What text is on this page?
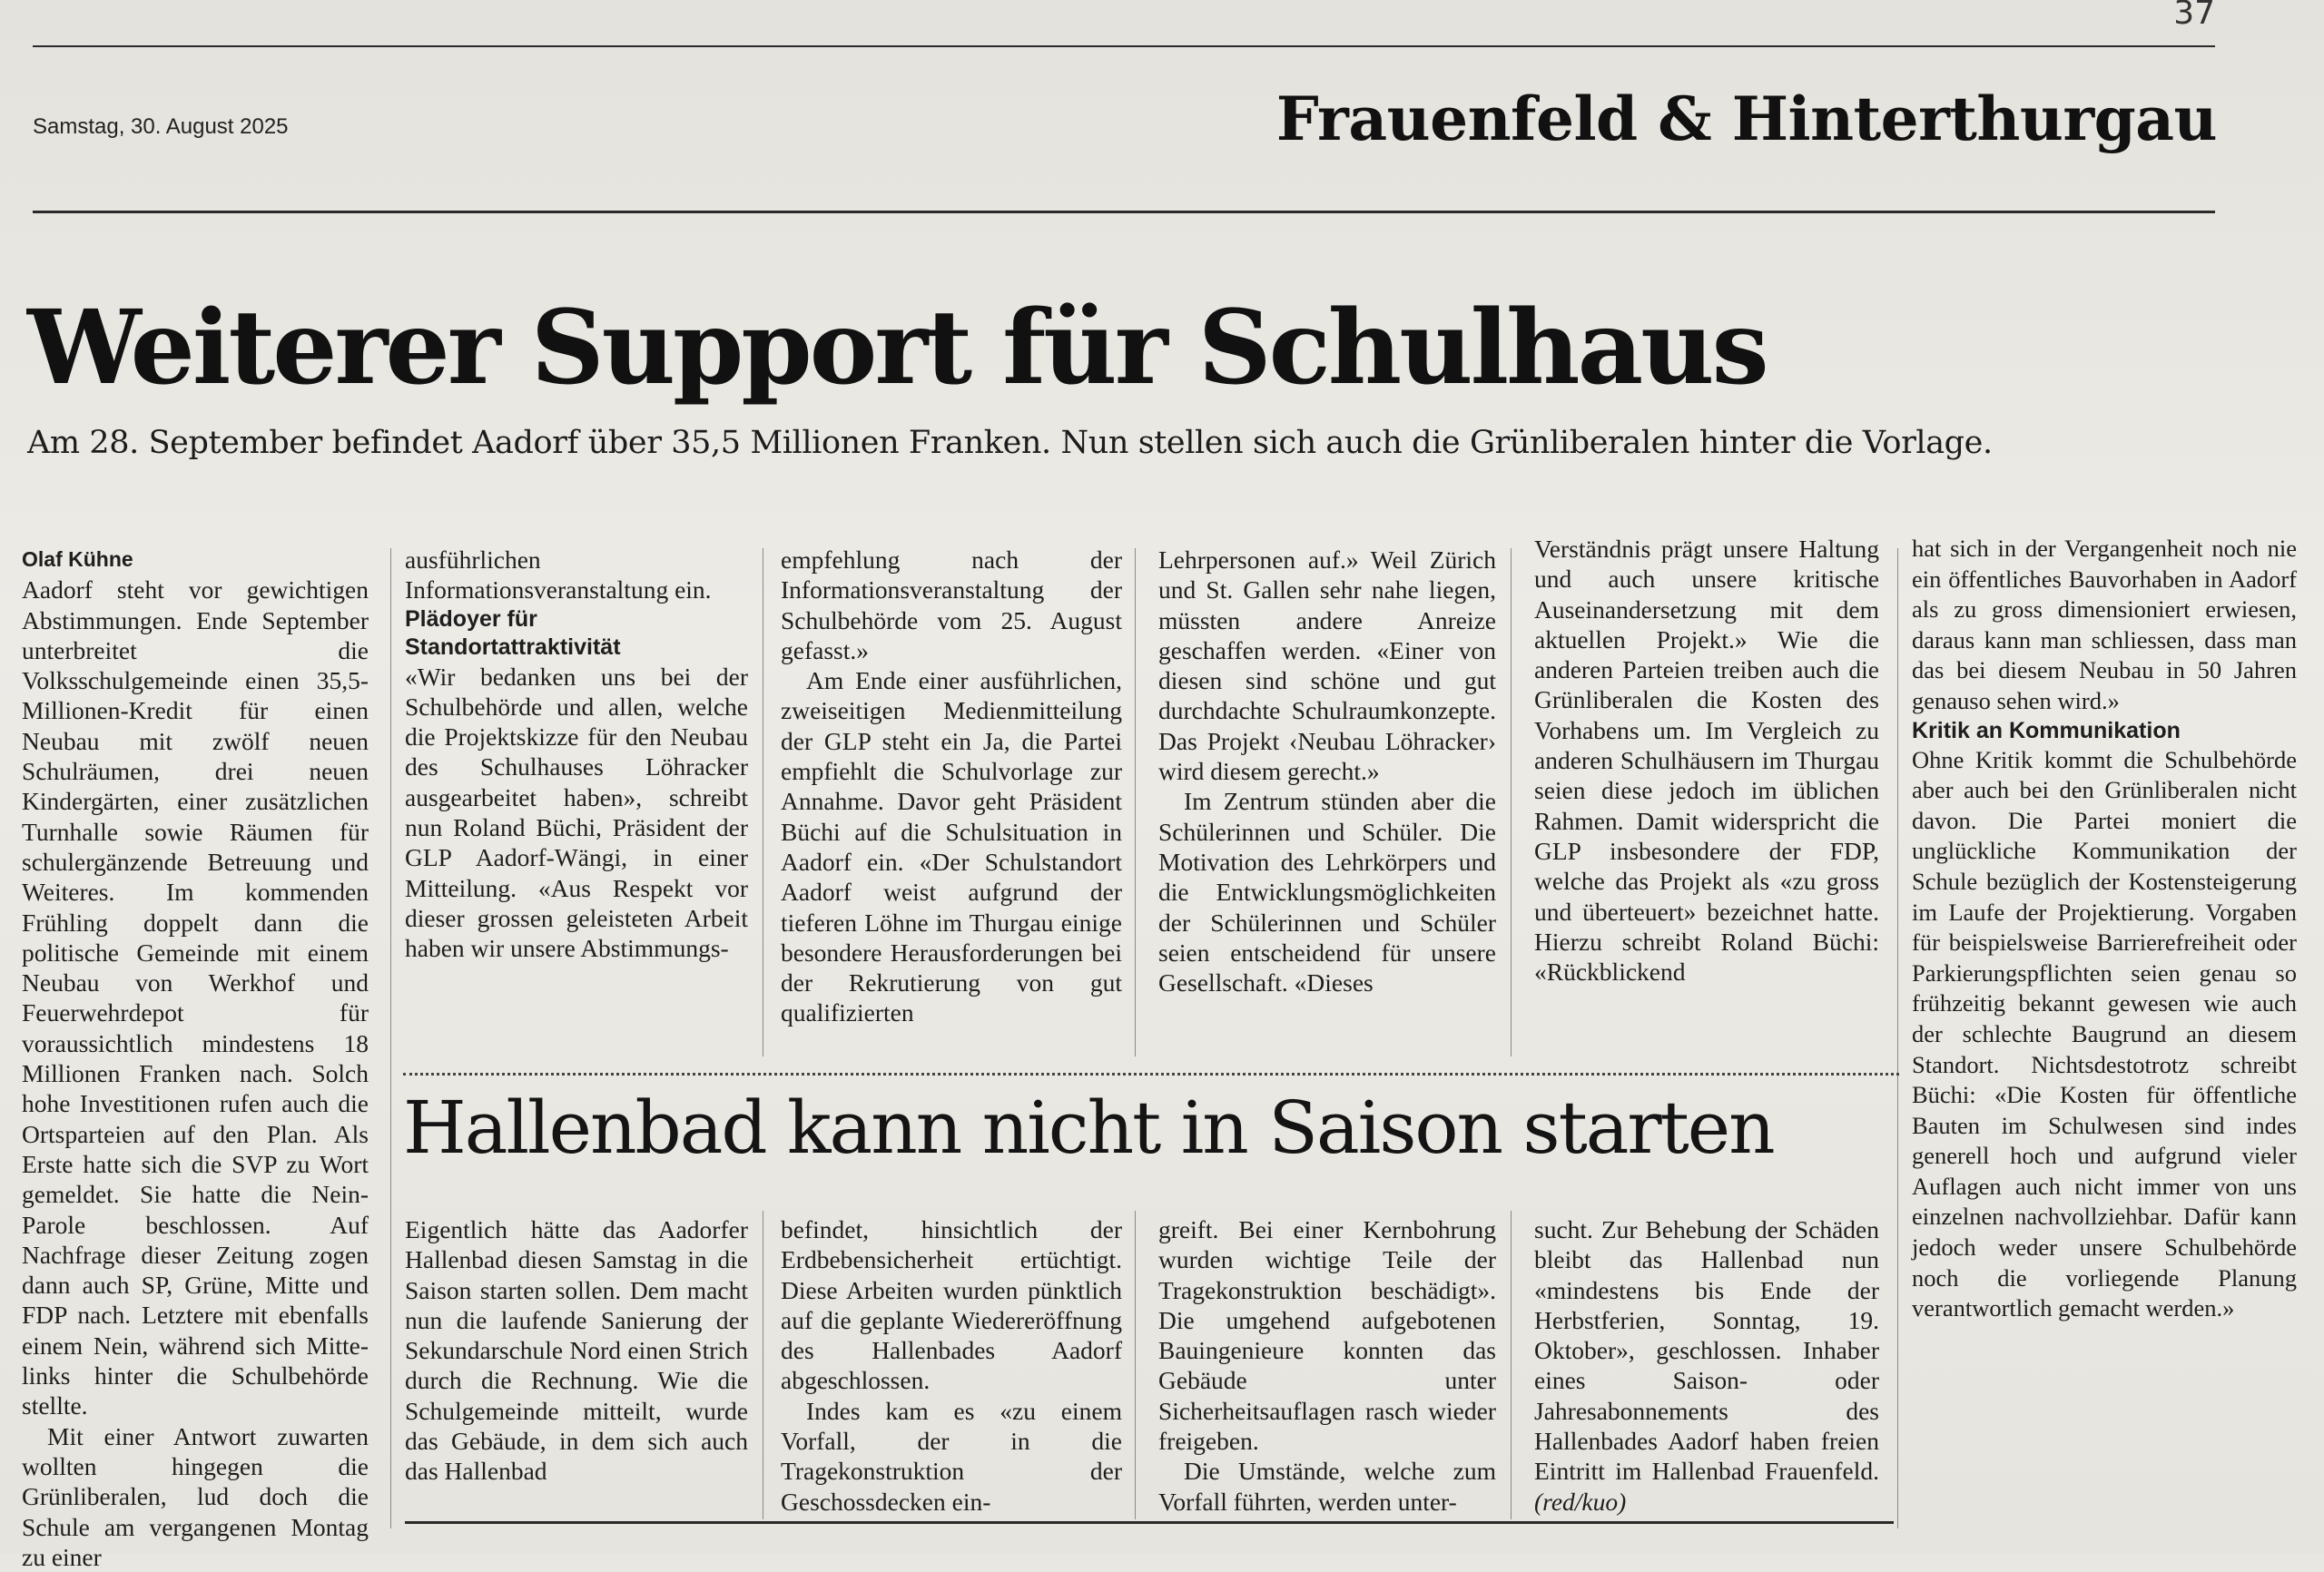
37
Samstag, 30. August 2025	Frauenfeld & Hinterthurgau
Weiterer Support für Schulhaus
Am 28. September befindet Aadorf über 35,5 Millionen Franken. Nun stellen sich auch die Grünliberalen hinter die Vorlage.

Olaf Kühne

Aadorf steht vor gewichtigen Abstimmungen. Ende September unterbreitet die Volksschulgemeinde einen 35,5-Millionen-Kredit für einen Neubau mit zwölf neuen Schulräumen, drei neuen Kindergärten, einer zusätzlichen Turnhalle sowie Räumen für schulergänzende Betreuung und Weiteres. Im kommenden Frühling doppelt dann die politische Gemeinde mit einem Neubau von Werkhof und Feuerwehrdepot für voraussichtlich mindestens 18 Millionen Franken nach. Solch hohe Investitionen rufen auch die Ortsparteien auf den Plan. Als Erste hatte sich die SVP zu Wort gemeldet. Sie hatte die Nein-Parole beschlossen. Auf Nachfrage dieser Zeitung zogen dann auch SP, Grüne, Mitte und FDP nach. Letztere mit ebenfalls einem Nein, während sich Mitte-links hinter die Schulbehörde stellte.

Mit einer Antwort zuwarten wollten hingegen die Grünliberalen, lud doch die Schule am vergangenen Montag zu einer

ausführlichen Informationsveranstaltung ein.

Plädoyer für Standortattraktivität

«Wir bedanken uns bei der Schulbehörde und allen, welche die Projektskizze für den Neubau des Schulhauses Löhracker ausgearbeitet haben», schreibt nun Roland Büchi, Präsident der GLP Aadorf-Wängi, in einer Mitteilung. «Aus Respekt vor dieser grossen geleisteten Arbeit haben wir unsere Abstimmungs-

empfehlung nach der Informationsveranstaltung der Schulbehörde vom 25. August gefasst.»

Am Ende einer ausführlichen, zweiseitigen Medienmitteilung der GLP steht ein Ja, die Partei empfiehlt die Schulvorlage zur Annahme. Davor geht Präsident Büchi auf die Schulsituation in Aadorf ein. «Der Schulstandort Aadorf weist aufgrund der tieferen Löhne im Thurgau einige besondere Herausforderungen bei der Rekrutierung von gut qualifizierten

Lehrpersonen auf.» Weil Zürich und St. Gallen sehr nahe liegen, müssten andere Anreize geschaffen werden. «Einer von diesen sind schöne und gut durchdachte Schulraumkonzepte. Das Projekt ‹Neubau Löhracker› wird diesem gerecht.»

Im Zentrum stünden aber die Schülerinnen und Schüler. Die Motivation des Lehrkörpers und die Entwicklungsmöglichkeiten der Schülerinnen und Schüler seien entscheidend für unsere Gesellschaft. «Dieses

Verständnis prägt unsere Haltung und auch unsere kritische Auseinandersetzung mit dem aktuellen Projekt.» Wie die anderen Parteien treiben auch die Grünliberalen die Kosten des Vorhabens um. Im Vergleich zu anderen Schulhäusern im Thurgau seien diese jedoch im üblichen Rahmen. Damit widerspricht die GLP insbesondere der FDP, welche das Projekt als «zu gross und überteuert» bezeichnet hatte. Hierzu schreibt Roland Büchi: «Rückblickend

hat sich in der Vergangenheit noch nie ein öffentliches Bauvorhaben in Aadorf als zu gross dimensioniert erwiesen, daraus kann man schliessen, dass man das bei diesem Neubau in 50 Jahren genauso sehen wird.»

Kritik an Kommunikation

Ohne Kritik kommt die Schulbehörde aber auch bei den Grünliberalen nicht davon. Die Partei moniert die unglückliche Kommunikation der Schule bezüglich der Kostensteigerung im Laufe der Projektierung. Vorgaben für beispielsweise Barrierefreiheit oder Parkierungspflichten seien genau so frühzeitig bekannt gewesen wie auch der schlechte Baugrund an diesem Standort. Nichtsdestotrotz schreibt Büchi: «Die Kosten für öffentliche Bauten im Schulwesen sind indes generell hoch und aufgrund vieler Auflagen auch nicht immer von uns einzelnen nachvollziehbar. Dafür kann jedoch weder unsere Schulbehörde noch die vorliegende Planung verantwortlich gemacht werden.»

Hallenbad kann nicht in Saison starten

Eigentlich hätte das Aadorfer Hallenbad diesen Samstag in die Saison starten sollen. Dem macht nun die laufende Sanierung der Sekundarschule Nord einen Strich durch die Rechnung. Wie die Schulgemeinde mitteilt, wurde das Gebäude, in dem sich auch das Hallenbad

befindet, hinsichtlich der Erdbebensicherheit ertüchtigt. Diese Arbeiten wurden pünktlich auf die geplante Wiedereröffnung des Hallenbades Aadorf abgeschlossen.

Indes kam es «zu einem Vorfall, der in die Tragekonstruktion der Geschossdecken ein-

greift. Bei einer Kernbohrung wurden wichtige Teile der Tragekonstruktion beschädigt». Die umgehend aufgebotenen Bauingenieure konnten das Gebäude unter Sicherheitsauflagen rasch wieder freigeben.

Die Umstände, welche zum Vorfall führten, werden unter-

sucht. Zur Behebung der Schäden bleibt das Hallenbad nun «mindestens bis Ende der Herbstferien, Sonntag, 19. Oktober», geschlossen. Inhaber eines Saison- oder Jahresabonnements des Hallenbades Aadorf haben freien Eintritt im Hallenbad Frauenfeld. (red/kuo)
